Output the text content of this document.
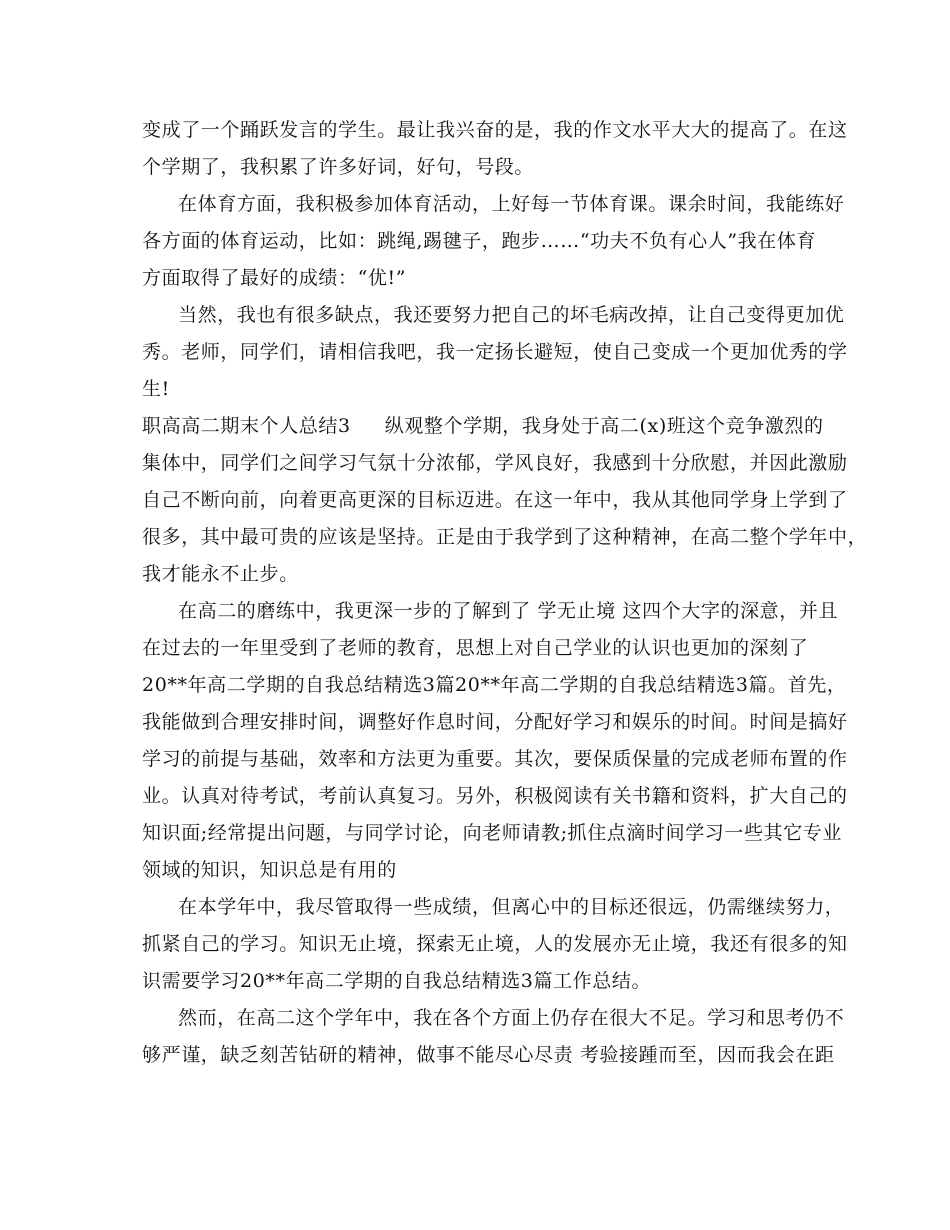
变成了一个踊跃发言的学生。最让我兴奋的是，我的作文水平大大的提高了。在这
个学期了，我积累了许多好词，好句，号段。
在体育方面，我积极参加体育活动，上好每一节体育课。课余时间，我能练好
各方面的体育运动，比如：跳绳,踢毽子，跑步……“功夫不负有心人”我在体育
方面取得了最好的成绩：“优!”
当然，我也有很多缺点，我还要努力把自己的坏毛病改掉，让自己变得更加优
秀。老师，同学们，请相信我吧，我一定扬长避短，使自己变成一个更加优秀的学
生!
职高高二期末个人总结3 纵观整个学期，我身处于高二(x)班这个竞争激烈的
集体中，同学们之间学习气氛十分浓郁，学风良好，我感到十分欣慰，并因此激励
自己不断向前，向着更高更深的目标迈进。在这一年中，我从其他同学身上学到了
很多，其中最可贵的应该是坚持。正是由于我学到了这种精神，在高二整个学年中，
我才能永不止步。
在高二的磨练中，我更深一步的了解到了 学无止境 这四个大字的深意，并且
在过去的一年里受到了老师的教育，思想上对自己学业的认识也更加的深刻了
20**年高二学期的自我总结精选3篇20**年高二学期的自我总结精选3篇。首先，
我能做到合理安排时间，调整好作息时间，分配好学习和娱乐的时间。时间是搞好
学习的前提与基础，效率和方法更为重要。其次，要保质保量的完成老师布置的作
业。认真对待考试，考前认真复习。另外，积极阅读有关书籍和资料，扩大自己的
知识面;经常提出问题，与同学讨论，向老师请教;抓住点滴时间学习一些其它专业
领域的知识，知识总是有用的
在本学年中，我尽管取得一些成绩，但离心中的目标还很远，仍需继续努力，
抓紧自己的学习。知识无止境，探索无止境，人的发展亦无止境，我还有很多的知
识需要学习20**年高二学期的自我总结精选3篇工作总结。
然而，在高二这个学年中，我在各个方面上仍存在很大不足。学习和思考仍不
够严谨，缺乏刻苦钻研的精神，做事不能尽心尽责 考验接踵而至，因而我会在距
